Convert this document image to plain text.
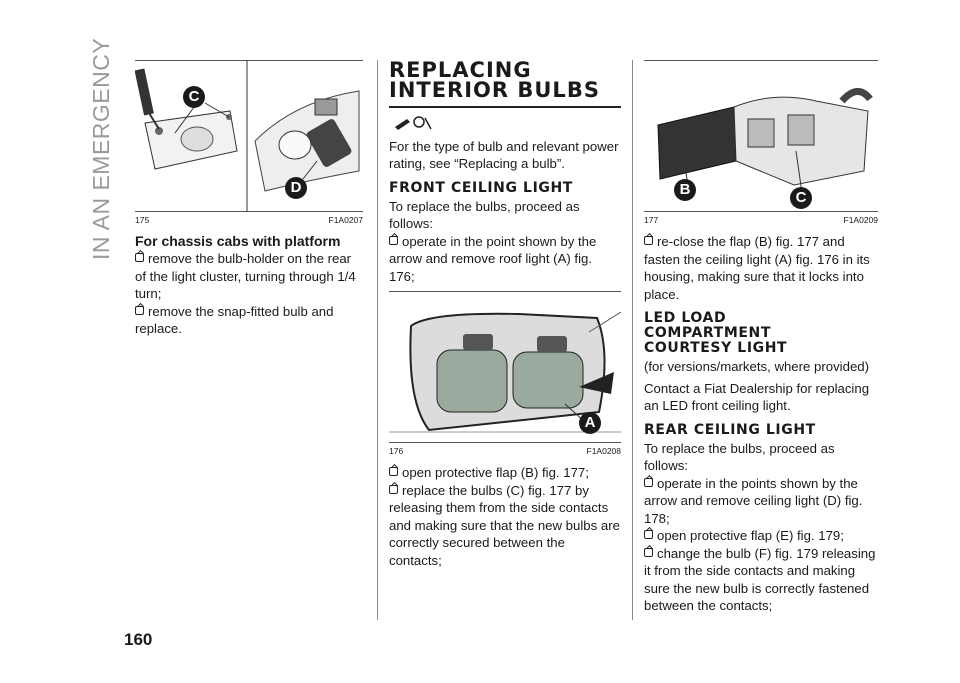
IN AN EMERGENCY
160
C
D
175	F1A0207
For chassis cabs with platform

remove the bulb-holder on the rear of the light cluster, turning through 1/4 turn;

remove the snap-fitted bulb and replace.

REPLACING
INTERIOR BULBS

For the type of bulb and relevant power rating, see “Replacing a bulb”.

FRONT CEILING LIGHT

To replace the bulbs, proceed as follows:

operate in the point shown by the arrow and remove roof light (A) fig. 176;

A
176	F1A0208

open protective flap (B) fig. 177;

replace the bulbs (C) fig. 177 by releasing them from the side contacts and making sure that the new bulbs are correctly secured between the contacts;

B	C
177	F1A0209

re-close the flap (B) fig. 177 and fasten the ceiling light (A) fig. 176 in its housing, making sure that it locks into place.

LED LOAD
COMPARTMENT
COURTESY LIGHT

(for versions/markets, where provided)

Contact a Fiat Dealership for replacing an LED front ceiling light.

REAR CEILING LIGHT

To replace the bulbs, proceed as follows:

operate in the points shown by the arrow and remove ceiling light (D) fig. 178;

open protective flap (E) fig. 179;

change the bulb (F) fig. 179 releasing it from the side contacts and making sure the new bulb is correctly fastened between the contacts;
